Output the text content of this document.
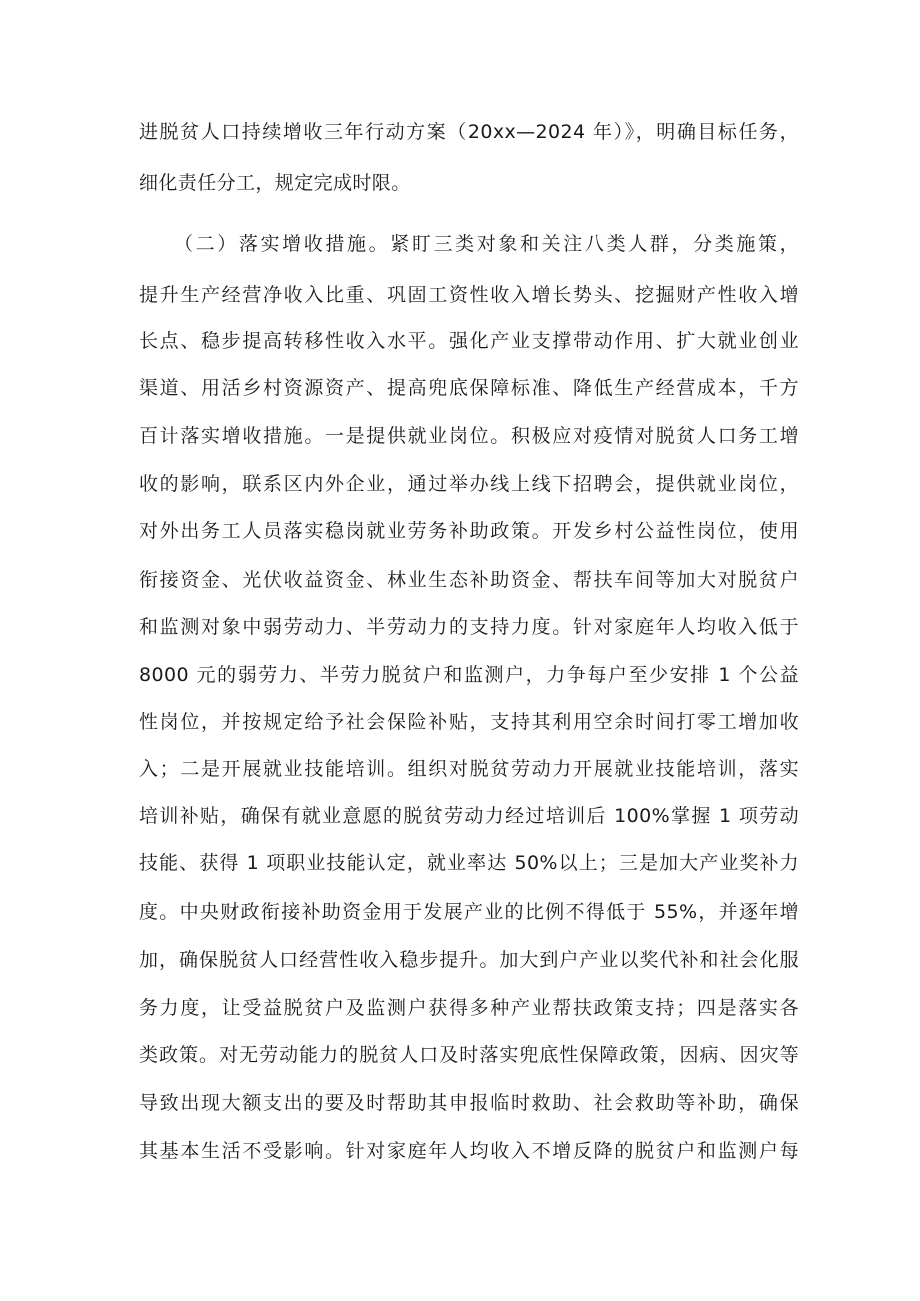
进脱贫人口持续增收三年行动方案（20xx—2024 年）》，明确目标任务，
细化责任分工，规定完成时限。
（二）落实增收措施。紧盯三类对象和关注八类人群，分类施策，
提升生产经营净收入比重、巩固工资性收入增长势头、挖掘财产性收入增
长点、稳步提高转移性收入水平。强化产业支撑带动作用、扩大就业创业
渠道、用活乡村资源资产、提高兜底保障标准、降低生产经营成本，千方
百计落实增收措施。一是提供就业岗位。积极应对疫情对脱贫人口务工增
收的影响，联系区内外企业，通过举办线上线下招聘会，提供就业岗位，
对外出务工人员落实稳岗就业劳务补助政策。开发乡村公益性岗位，使用
衔接资金、光伏收益资金、林业生态补助资金、帮扶车间等加大对脱贫户
和监测对象中弱劳动力、半劳动力的支持力度。针对家庭年人均收入低于
8000 元的弱劳力、半劳力脱贫户和监测户，力争每户至少安排 1 个公益
性岗位，并按规定给予社会保险补贴，支持其利用空余时间打零工增加收
入；二是开展就业技能培训。组织对脱贫劳动力开展就业技能培训，落实
培训补贴，确保有就业意愿的脱贫劳动力经过培训后 100%掌握 1 项劳动
技能、获得 1 项职业技能认定，就业率达 50%以上；三是加大产业奖补力
度。中央财政衔接补助资金用于发展产业的比例不得低于 55%，并逐年增
加，确保脱贫人口经营性收入稳步提升。加大到户产业以奖代补和社会化服
务力度，让受益脱贫户及监测户获得多种产业帮扶政策支持；四是落实各
类政策。对无劳动能力的脱贫人口及时落实兜底性保障政策，因病、因灾等
导致出现大额支出的要及时帮助其申报临时救助、社会救助等补助，确保
其基本生活不受影响。针对家庭年人均收入不增反降的脱贫户和监测户每
